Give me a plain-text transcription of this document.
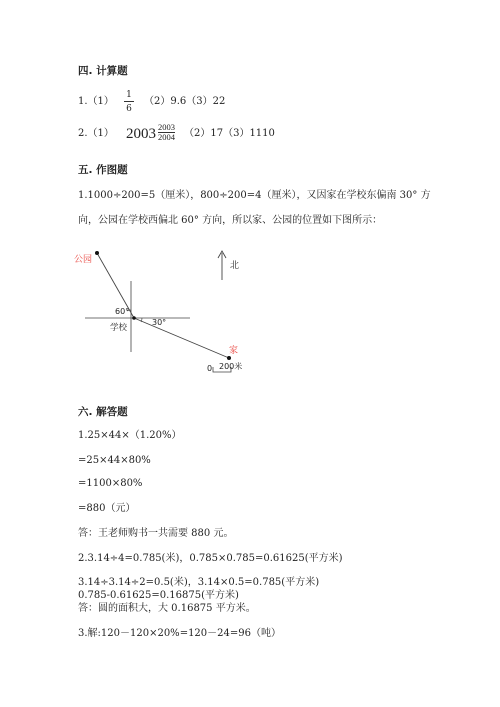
四. 计算题
$1.(1) \frac{1}{6} (2)9.6(3)22$
2.（1） $2003 \frac{2003}{2004} (2)17(3)1110$
五. 作图题
1.1000÷200=5（厘米），800÷200=4（厘米），又因家在学校东偏南 30° 方
向，公园在学校西偏北 60° 方向，所以家、公园的位置如下图所示：
公园
北
60°
30°
学校
家
0 200米
六. 解答题
1.25×44×（1.20%）
=25×44×80%
=1100×80%
=880（元）
答：王老师购书一共需要 880 元。
2.3.14÷4=0.785(米)，0.785×0.785=0.61625(平方米)
3.14÷3.14÷2=0.5(米)，3.14×0.5=0.785(平方米)
0.785-0.61625=0.16875(平方米)
答：圆的面积大，大 0.16875 平方米。
3.解:120－120×20%=120－24=96（吨）
